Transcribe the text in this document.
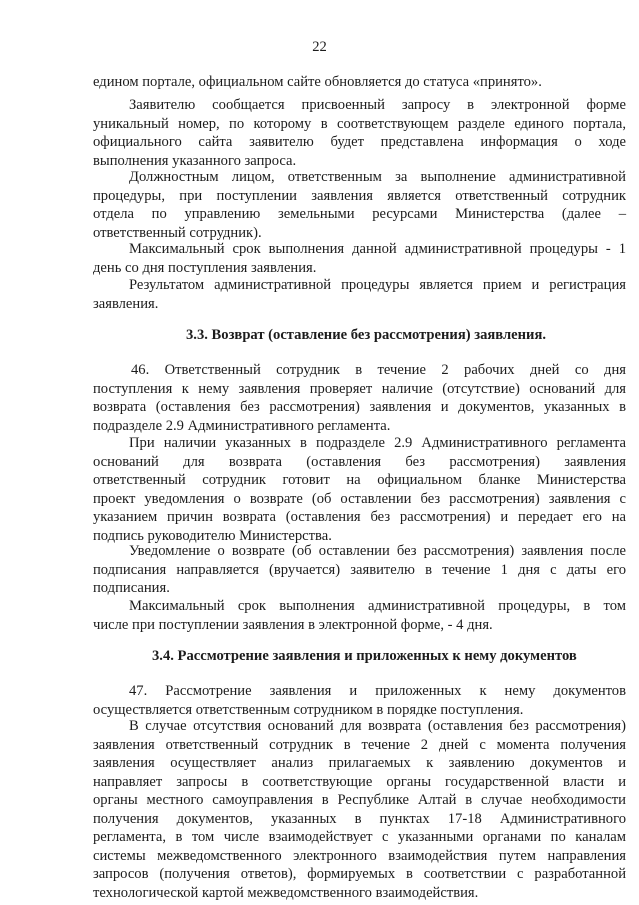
22
едином портале, официальном сайте обновляется до статуса «принято».
Заявителю сообщается присвоенный запросу в электронной форме
уникальный номер, по которому в соответствующем разделе единого портала,
официального сайта заявителю будет представлена информация о ходе
выполнения указанного запроса.
Должностным лицом, ответственным за выполнение административной
процедуры, при поступлении заявления является ответственный сотрудник
отдела по управлению земельными ресурсами Министерства (далее –
ответственный сотрудник).
Максимальный срок выполнения данной административной процедуры - 1
день со дня поступления заявления.
Результатом административной процедуры является прием и регистрация
заявления.
3.3. Возврат (оставление без рассмотрения) заявления.
46. Ответственный сотрудник в течение 2 рабочих дней со дня
поступления к нему заявления проверяет наличие (отсутствие) оснований для
возврата (оставления без рассмотрения) заявления и документов, указанных в
подразделе 2.9 Административного регламента.
При наличии указанных в подразделе 2.9 Административного регламента
оснований для возврата (оставления без рассмотрения) заявления
ответственный сотрудник готовит на официальном бланке Министерства
проект уведомления о возврате (об оставлении без рассмотрения) заявления с
указанием причин возврата (оставления без рассмотрения) и передает его на
подпись руководителю Министерства.
Уведомление о возврате (об оставлении без рассмотрения) заявления после
подписания направляется (вручается) заявителю в течение 1 дня с даты его
подписания.
Максимальный срок выполнения административной процедуры, в том
числе при поступлении заявления в электронной форме, - 4 дня.
3.4. Рассмотрение заявления и приложенных к нему документов
47. Рассмотрение заявления и приложенных к нему документов
осуществляется ответственным сотрудником в порядке поступления.
В случае отсутствия оснований для возврата (оставления без рассмотрения)
заявления ответственный сотрудник в течение 2 дней с момента получения
заявления осуществляет анализ прилагаемых к заявлению документов и
направляет запросы в соответствующие органы государственной власти и
органы местного самоуправления в Республике Алтай в случае необходимости
получения документов, указанных в пунктах 17-18 Административного
регламента, в том числе взаимодействует с указанными органами по каналам
системы межведомственного электронного взаимодействия путем направления
запросов (получения ответов), формируемых в соответствии с разработанной
технологической картой межведомственного взаимодействия.
